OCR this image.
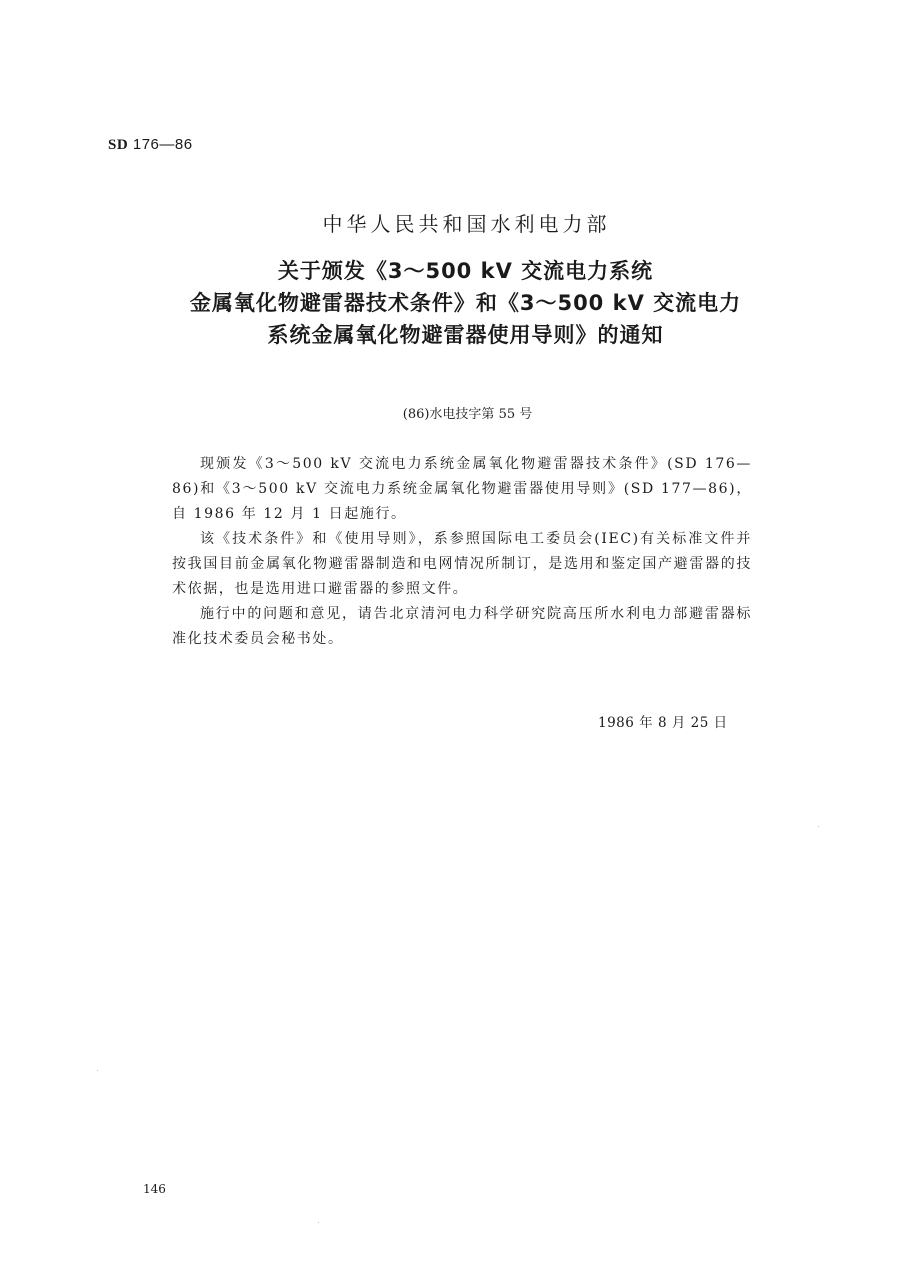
SD 176—86
中华人民共和国水利电力部
关于颁发《3～500 kV 交流电力系统
金属氧化物避雷器技术条件》和《3～500 kV 交流电力
系统金属氧化物避雷器使用导则》的通知
(86)水电技字第 55 号

现颁发《3～500 kV 交流电力系统金属氧化物避雷器技术条件》(SD 176—86)和《3～500 kV 交流电力系统金属氧化物避雷器使用导则》(SD 177—86)，自 1986 年 12 月 1 日起施行。

该《技术条件》和《使用导则》，系参照国际电工委员会(IEC)有关标准文件并按我国目前金属氧化物避雷器制造和电网情况所制订，是选用和鉴定国产避雷器的技术依据，也是选用进口避雷器的参照文件。

施行中的问题和意见，请告北京清河电力科学研究院高压所水利电力部避雷器标准化技术委员会秘书处。

1986 年 8 月 25 日
146
